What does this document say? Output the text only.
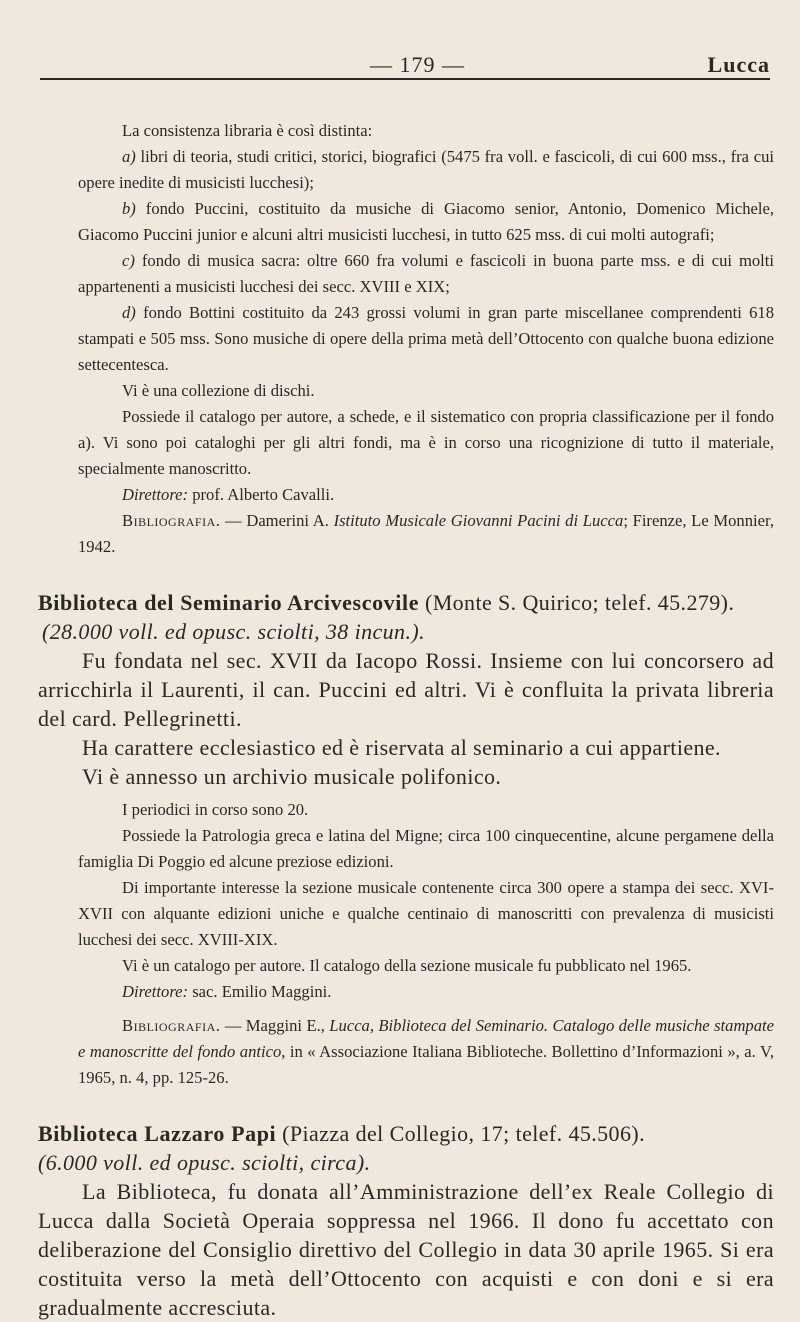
— 179 —	Lucca

La consistenza libraria è così distinta:

a) libri di teoria, studi critici, storici, biografici (5475 fra voll. e fascicoli, di cui 600 mss., fra cui opere inedite di musicisti lucchesi);

b) fondo Puccini, costituito da musiche di Giacomo senior, Antonio, Domenico Michele, Giacomo Puccini junior e alcuni altri musicisti lucchesi, in tutto 625 mss. di cui molti autografi;

c) fondo di musica sacra: oltre 660 fra volumi e fascicoli in buona parte mss. e di cui molti appartenenti a musicisti lucchesi dei secc. XVIII e XIX;

d) fondo Bottini costituito da 243 grossi volumi in gran parte miscellanee comprendenti 618 stampati e 505 mss. Sono musiche di opere della prima metà dell’Ottocento con qualche buona edizione settecentesca.

Vi è una collezione di dischi.

Possiede il catalogo per autore, a schede, e il sistematico con propria classificazione per il fondo a). Vi sono poi cataloghi per gli altri fondi, ma è in corso una ricognizione di tutto il materiale, specialmente manoscritto.

Direttore: prof. Alberto Cavalli.

Bibliografia. — Damerini A. Istituto Musicale Giovanni Pacini di Lucca; Firenze, Le Monnier, 1942.

Biblioteca del Seminario Arcivescovile (Monte S. Quirico; telef. 45.279).

(28.000 voll. ed opusc. sciolti, 38 incun.).

Fu fondata nel sec. XVII da Iacopo Rossi. Insieme con lui concorsero ad arricchirla il Laurenti, il can. Puccini ed altri. Vi è confluita la privata libreria del card. Pellegrinetti.

Ha carattere ecclesiastico ed è riservata al seminario a cui appartiene.

Vi è annesso un archivio musicale polifonico.

I periodici in corso sono 20.

Possiede la Patrologia greca e latina del Migne; circa 100 cinquecentine, alcune pergamene della famiglia Di Poggio ed alcune preziose edizioni.

Di importante interesse la sezione musicale contenente circa 300 opere a stampa dei secc. XVI-XVII con alquante edizioni uniche e qualche centinaio di manoscritti con prevalenza di musicisti lucchesi dei secc. XVIII-XIX.

Vi è un catalogo per autore. Il catalogo della sezione musicale fu pubblicato nel 1965.

Direttore: sac. Emilio Maggini.

Bibliografia. — Maggini E., Lucca, Biblioteca del Seminario. Catalogo delle musiche stampate e manoscritte del fondo antico, in « Associazione Italiana Biblioteche. Bollettino d’Informazioni », a. V, 1965, n. 4, pp. 125-26.

Biblioteca Lazzaro Papi (Piazza del Collegio, 17; telef. 45.506).

(6.000 voll. ed opusc. sciolti, circa).

La Biblioteca, fu donata all’Amministrazione dell’ex Reale Collegio di Lucca dalla Società Operaia soppressa nel 1966. Il dono fu accettato con deliberazione del Consiglio direttivo del Collegio in data 30 aprile 1965. Si era costituita verso la metà dell’Ottocento con acquisti e con doni e si era gradualmente accresciuta.
